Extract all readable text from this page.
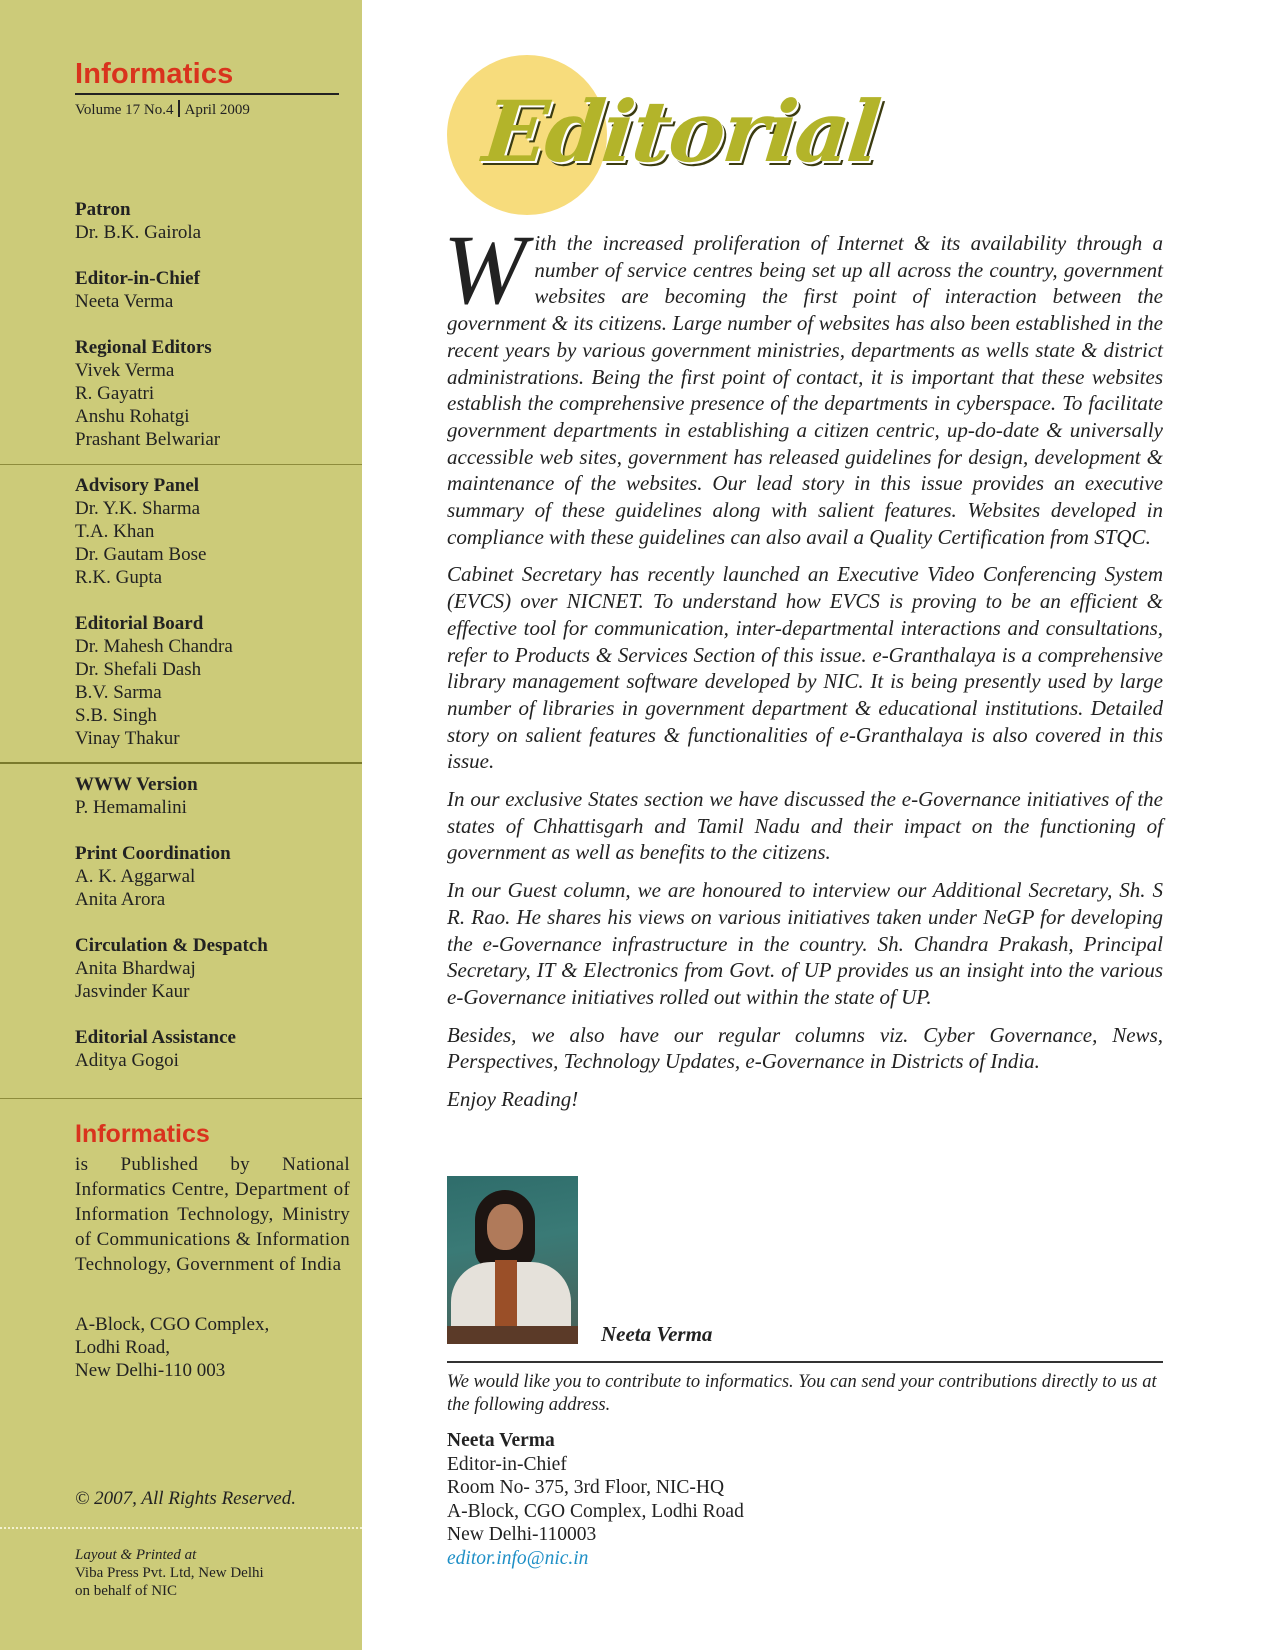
Informatics
Volume 17 No.4 April 2009
Patron
Dr. B.K. Gairola
Editor-in-Chief
Neeta Verma
Regional Editors
Vivek Verma
R. Gayatri
Anshu Rohatgi
Prashant Belwariar
Advisory Panel
Dr. Y.K. Sharma
T.A. Khan
Dr. Gautam Bose
R.K. Gupta
Editorial Board
Dr. Mahesh Chandra
Dr. Shefali Dash
B.V. Sarma
S.B. Singh
Vinay Thakur
WWW Version
P. Hemamalini
Print Coordination
A. K. Aggarwal
Anita Arora
Circulation & Despatch
Anita Bhardwaj
Jasvinder Kaur
Editorial Assistance
Aditya Gogoi
Informatics
is Published by National Informatics Centre, Department of Information Technology, Ministry of Communications & Information Technology, Government of India
A-Block, CGO Complex,
Lodhi Road,
New Delhi-110 003
© 2007, All Rights Reserved.
Layout & Printed at
Viba Press Pvt. Ltd, New Delhi
on behalf of NIC
Editorial

With the increased proliferation of Internet & its availability through a number of service centres being set up all across the country, government websites are becoming the first point of interaction between the government & its citizens. Large number of websites has also been established in the recent years by various government ministries, departments as wells state & district administrations. Being the first point of contact, it is important that these websites establish the comprehensive presence of the departments in cyberspace. To facilitate government departments in establishing a citizen centric, up-do-date & universally accessible web sites, government has released guidelines for design, development & maintenance of the websites. Our lead story in this issue provides an executive summary of these guidelines along with salient features. Websites developed in compliance with these guidelines can also avail a Quality Certification from STQC.

Cabinet Secretary has recently launched an Executive Video Conferencing System (EVCS) over NICNET. To understand how EVCS is proving to be an efficient & effective tool for communication, inter-departmental interactions and consultations, refer to Products & Services Section of this issue. e-Granthalaya is a comprehensive library management software developed by NIC. It is being presently used by large number of libraries in government department & educational institutions. Detailed story on salient features & functionalities of e-Granthalaya is also covered in this issue.

In our exclusive States section we have discussed the e-Governance initiatives of the states of Chhattisgarh and Tamil Nadu and their impact on the functioning of government as well as benefits to the citizens.

In our Guest column, we are honoured to interview our Additional Secretary, Sh. S R. Rao. He shares his views on various initiatives taken under NeGP for developing the e-Governance infrastructure in the country. Sh. Chandra Prakash, Principal Secretary, IT & Electronics from Govt. of UP provides us an insight into the various e-Governance initiatives rolled out within the state of UP.

Besides, we also have our regular columns viz. Cyber Governance, News, Perspectives, Technology Updates, e-Governance in Districts of India.

Enjoy Reading!

Neeta Verma
We would like you to contribute to informatics. You can send your contributions directly to us at the following address.
Neeta Verma
Editor-in-Chief
Room No- 375, 3rd Floor, NIC-HQ
A-Block, CGO Complex, Lodhi Road
New Delhi-110003
editor.info@nic.in
